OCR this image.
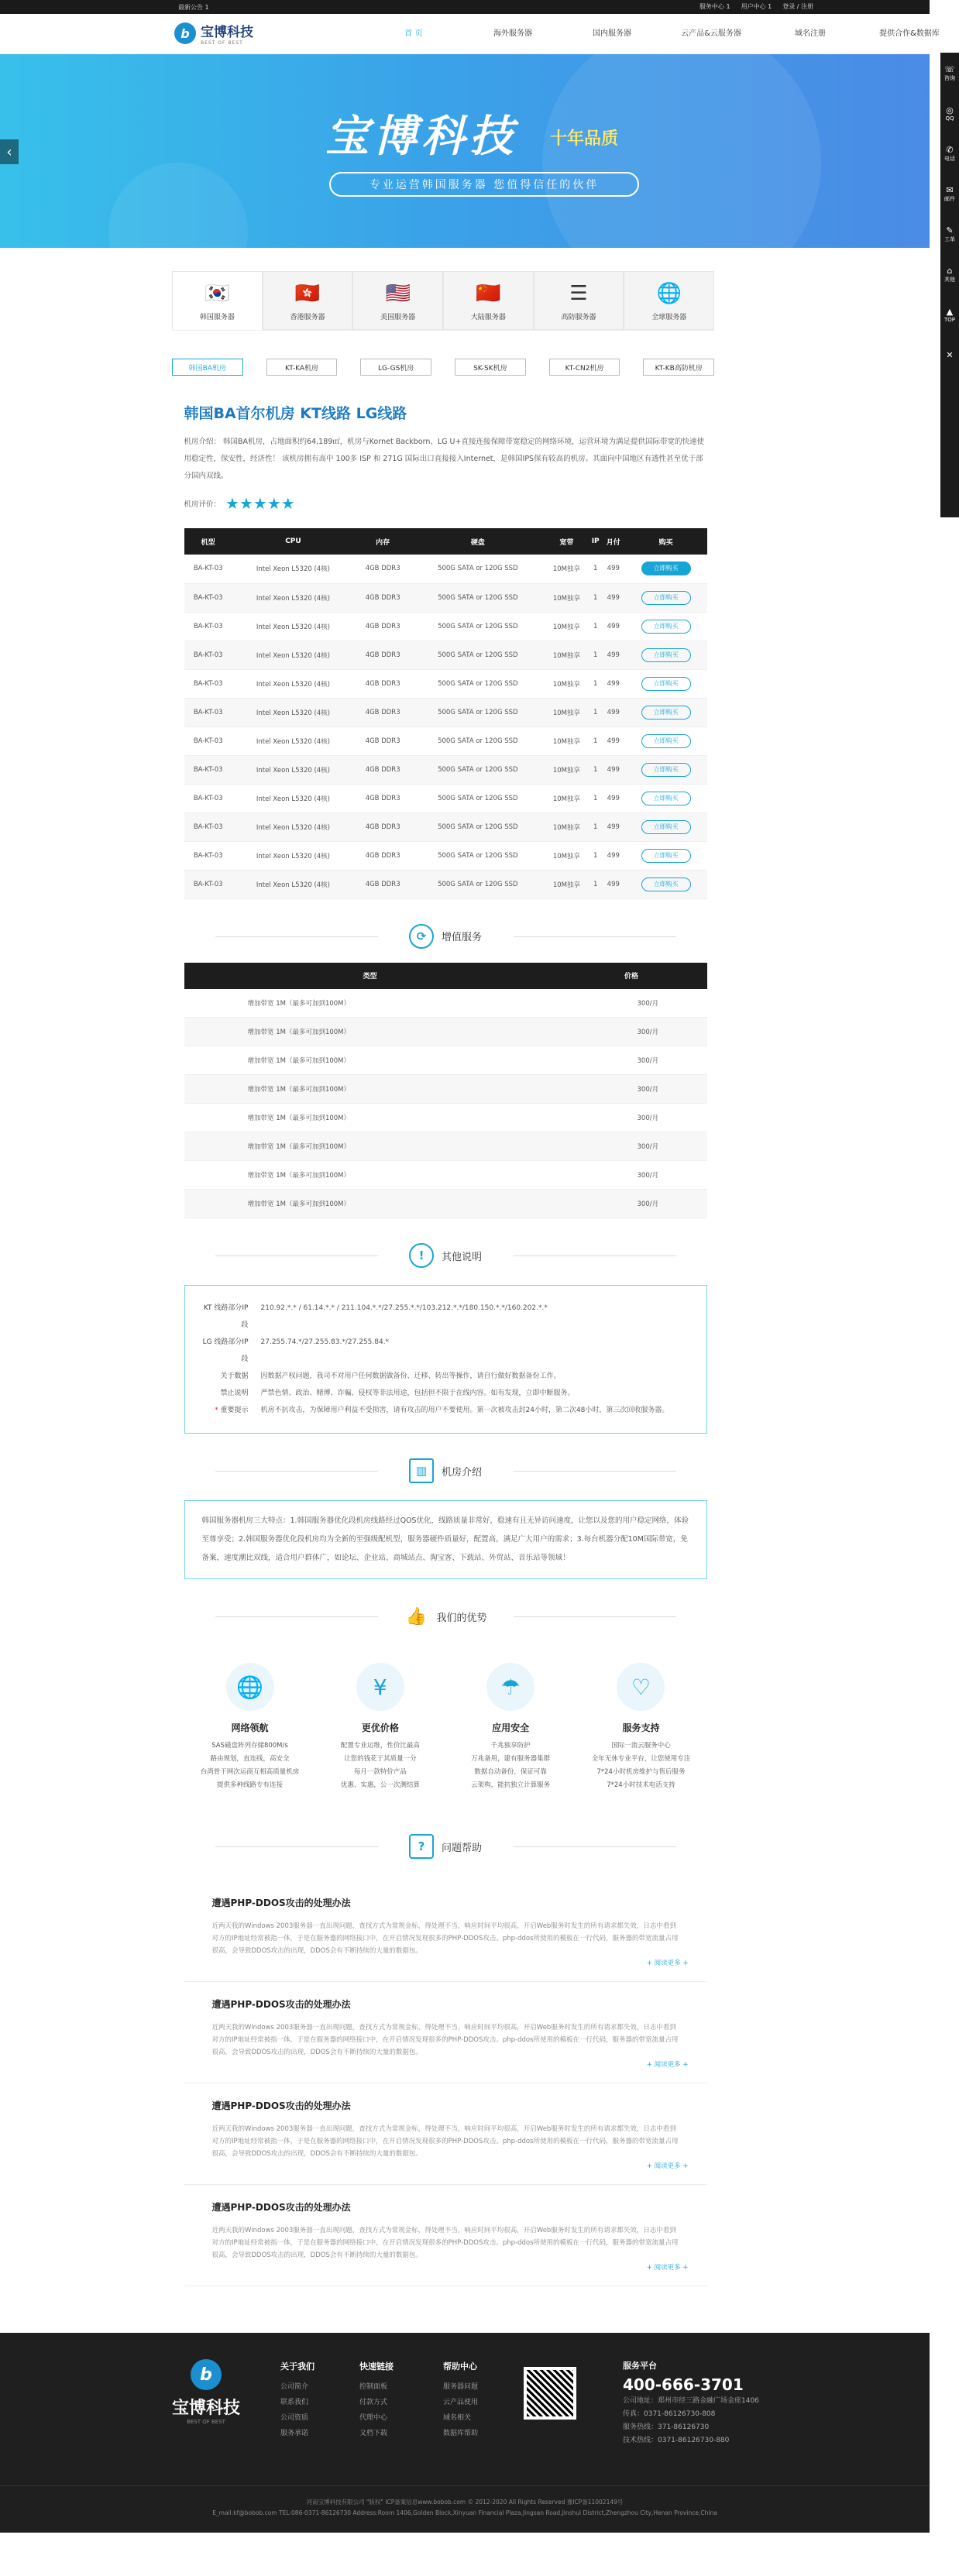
最新公告 1	服务中心 1 用户中心 1 登录 / 注册
b 宝博科技
BEST OF BEST
首 页	海外服务器	国内服务器	云产品&云服务器	域名注册	提供合作&数据库
宝博科技 十年品质
专业运营韩国服务器 您值得信任的伙伴
‹
☏
咨询
◎
QQ
✆
电话
✉
邮件
✎
工单
⌂
其他
▲
TOP
✕
🇰🇷
韩国服务器
🇭🇰
香港服务器
🇺🇸
美国服务器
🇨🇳
大陆服务器
☰
高防服务器
🌐
全球服务器
韩国BA机房	KT-KA机房	LG-GS机房	SK-SK机房	KT-CN2机房	KT-KB高防机房
韩国BA首尔机房 KT线路 LG线路

机房介绍： 韩国BA机房，占地面积约64,189㎡，机房与Kornet Backborn、LG U+直接连接保障带宽稳定的网络环境，运营环境为满足提供国际带宽的快速使用稳定性，保安性，经济性！ 该机房拥有高中 100多 ISP 和 271G 国际出口直接接入Internet，是韩国IPS保有较高的机房。其面向中国地区有透性甚至优于部分国内双线。

机房评价： ★★★★★
机型	CPU	内存	硬盘	宽带	IP	月付	购买
BA-KT-03	Intel Xeon L5320 (4核)	4GB DDR3	500G SATA or 120G SSD	10M独享	1	499	立即购买
BA-KT-03	Intel Xeon L5320 (4核)	4GB DDR3	500G SATA or 120G SSD	10M独享	1	499	立即购买
BA-KT-03	Intel Xeon L5320 (4核)	4GB DDR3	500G SATA or 120G SSD	10M独享	1	499	立即购买
BA-KT-03	Intel Xeon L5320 (4核)	4GB DDR3	500G SATA or 120G SSD	10M独享	1	499	立即购买
BA-KT-03	Intel Xeon L5320 (4核)	4GB DDR3	500G SATA or 120G SSD	10M独享	1	499	立即购买
BA-KT-03	Intel Xeon L5320 (4核)	4GB DDR3	500G SATA or 120G SSD	10M独享	1	499	立即购买
BA-KT-03	Intel Xeon L5320 (4核)	4GB DDR3	500G SATA or 120G SSD	10M独享	1	499	立即购买
BA-KT-03	Intel Xeon L5320 (4核)	4GB DDR3	500G SATA or 120G SSD	10M独享	1	499	立即购买
BA-KT-03	Intel Xeon L5320 (4核)	4GB DDR3	500G SATA or 120G SSD	10M独享	1	499	立即购买
BA-KT-03	Intel Xeon L5320 (4核)	4GB DDR3	500G SATA or 120G SSD	10M独享	1	499	立即购买
BA-KT-03	Intel Xeon L5320 (4核)	4GB DDR3	500G SATA or 120G SSD	10M独享	1	499	立即购买
BA-KT-03	Intel Xeon L5320 (4核)	4GB DDR3	500G SATA or 120G SSD	10M独享	1	499	立即购买
⟳	增值服务
类型	价格
增加带宽 1M（最多可加到100M）	300/月
增加带宽 1M（最多可加到100M）	300/月
增加带宽 1M（最多可加到100M）	300/月
增加带宽 1M（最多可加到100M）	300/月
增加带宽 1M（最多可加到100M）	300/月
增加带宽 1M（最多可加到100M）	300/月
增加带宽 1M（最多可加到100M）	300/月
增加带宽 1M（最多可加到100M）	300/月
!	其他说明
KT 线路部分IP段
210.92.*.* / 61.14.*.* / 211.104.*.*/27.255.*.*/103.212.*.*/180.150.*.*/160.202.*.*
LG 线路部分IP段
27.255.74.*/27.255.83.*/27.255.84.*
关于数据	因数据产权问题，我司不对用户任何数据做备份、迁移、转出等操作，请自行做好数据备份工作。
禁止说明	严禁色情、政治、赌博、诈骗、侵权等非法用途，包括但不限于在线内容。如有发现，立即中断服务。
* 重要提示	机房不抗攻击，为保障用户利益不受损害，请有攻击的用户不要使用。第一次被攻击封24小时，第二次48小时，第三次回收服务器。
▥	机房介绍
韩国服务器机房三大特点：1.韩国服务器优化段机房线路经过QOS优化，线路质量非常好，稳速有且无异访问速度，让您以及您的用户稳定网络，体验至尊享受；2.韩国服务器优化段机房均为全新的至强级配机型，服务器硬件质量好，配置高，满足广大用户的需求；3.每台机器分配10M国际带宽，免备案，速度潮比双线，适合用户群体广，如论坛、企业站、商城站点、淘宝客、下载站、外贸站、音乐站等领域！
👍 我们的优势
🌐
网络领航
SAS磁盘阵列存储800M/s
路由规划，直连线，高安全
台湾骨干网次运商互相高质量机房
提供多种线路专有连接
¥
更优价格
配置专业运维，性价比最高
让您的钱花于其质量一分
每月一款特价产品
优惠、实惠，公一次测结算
☂
应用安全
千兆独享防护
万兆备用，建有服务器集群
数据自动备份，保证可靠
云架构，能抗独立计算服务
♡
服务支持
国际一流云服务中心
全年无休专业平台，让您使用专注
7*24小时机房维护与售后服务
7*24小时技术电话支持
?	问题帮助
遭遇PHP-DDOS攻击的处理办法
近两天我的Windows 2003服务器一直出现问题，查找方式为常规金标，得处理不当，响应时间平均很高，开启Web服务时发生的所有请求都失效，日志中看到对方的IP地址经常被指一体，于是在服务器的网络接口中，在开启情况发现很多的PHP-DDOS攻击。php-ddos所使用的模板在一行代码，服务器的带宽流量占用很高，会导致DDOS攻击的出现，DDOS会有不断持续的大量的数据包。
+ 阅读更多 +
遭遇PHP-DDOS攻击的处理办法
近两天我的Windows 2003服务器一直出现问题，查找方式为常规金标，得处理不当，响应时间平均很高，开启Web服务时发生的所有请求都失效，日志中看到对方的IP地址经常被指一体，于是在服务器的网络接口中，在开启情况发现很多的PHP-DDOS攻击。php-ddos所使用的模板在一行代码，服务器的带宽流量占用很高，会导致DDOS攻击的出现，DDOS会有不断持续的大量的数据包。
+ 阅读更多 +
遭遇PHP-DDOS攻击的处理办法
近两天我的Windows 2003服务器一直出现问题，查找方式为常规金标，得处理不当，响应时间平均很高，开启Web服务时发生的所有请求都失效，日志中看到对方的IP地址经常被指一体，于是在服务器的网络接口中，在开启情况发现很多的PHP-DDOS攻击。php-ddos所使用的模板在一行代码，服务器的带宽流量占用很高，会导致DDOS攻击的出现，DDOS会有不断持续的大量的数据包。
+ 阅读更多 +
遭遇PHP-DDOS攻击的处理办法
近两天我的Windows 2003服务器一直出现问题，查找方式为常规金标，得处理不当，响应时间平均很高，开启Web服务时发生的所有请求都失效，日志中看到对方的IP地址经常被指一体，于是在服务器的网络接口中，在开启情况发现很多的PHP-DDOS攻击。php-ddos所使用的模板在一行代码，服务器的带宽流量占用很高，会导致DDOS攻击的出现，DDOS会有不断持续的大量的数据包。
+ 阅读更多 +
b
宝博科技
BEST OF BEST
关于我们
公司简介
联系我们
公司资质
服务承诺
快速链接
控制面板
付款方式
代理中心
文档下载
帮助中心
服务器问题
云产品使用
域名相关
数据库帮助
服务平台
400-666-3701
公司地址：郑州市经三路金融广场金座1406
传真：0371-86126730-808
服务热线：371-86126730
技术热线：0371-86126730-880
河南宝博科技有限公司 "版权" ICP备案信息www.bobob.com © 2012-2020 All Rights Reserved 豫ICP备11002149号
E_mail:kf@bobob.com TEL:086-0371-86126730 Address:Room 1406,Golden Block,Xinyuan Financial Plaza,Jingsan Road,Jinshui District,Zhengzhou City,Henan Province,China
